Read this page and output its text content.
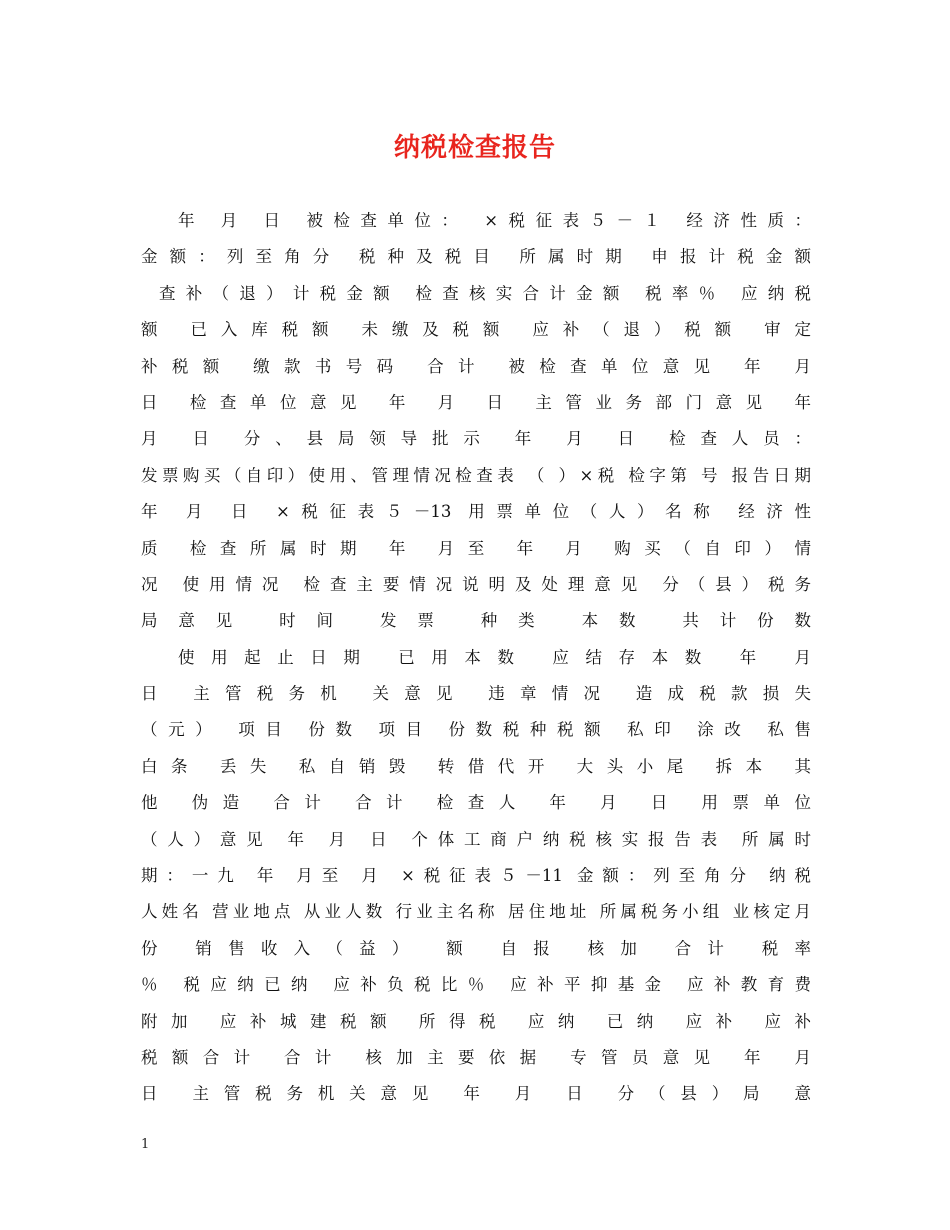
纳税检查报告
年 月 日 被检查单位： ×税征表５－１ 经济性质：
金额：列至角分 税种及税目 所属时期 申报计税金额
查补（退）计税金额 检查核实合计金额 税率％ 应纳税
额 已入库税额 未缴及税额 应补（退）税额 审定
补税额 缴款书号码 合计 被检查单位意见 年 月
日 检查单位意见 年 月 日 主管业务部门意见 年
月 日 分、县局领导批示 年 月 日 检查人员：
发票购买（自印）使用、管理情况检查表 （ ）×税 检字第 号 报告日期
年 月 日 ×税征表５－13 用票单位（人）名称 经济性
质 检查所属时期 年 月至 年 月 购买（自印）情
况 使用情况 检查主要情况说明及处理意见 分（县）税务
局意见 时间 发票 种类 本数 共计份数
使用起止日期 已用本数 应结存本数 年 月
日 主管税务机 关意见 违章情况 造成税款损失
（元） 项目 份数 项目 份数税种税额 私印 涂改 私售
白条 丢失 私自销毁 转借代开 大头小尾 拆本 其
他 伪造 合计 合计 检查人 年 月 日 用票单位
（人）意见 年 月 日 个体工商户纳税核实报告表 所属时
期：一九 年 月至 月 ×税征表５－11 金额：列至角分 纳税
人姓名 营业地点 从业人数 行业主名称 居住地址 所属税务小组 业核定月
份 销售收入（益） 额 自报 核加 合计 税率
％ 税应纳已纳 应补负税比％ 应补平抑基金 应补教育费
附加 应补城建税额 所得税 应纳 已纳 应补 应补
税额合计 合计 核加主要依据 专管员意见 年 月
日 主管税务机关意见 年 月 日 分（县）局 意
1
